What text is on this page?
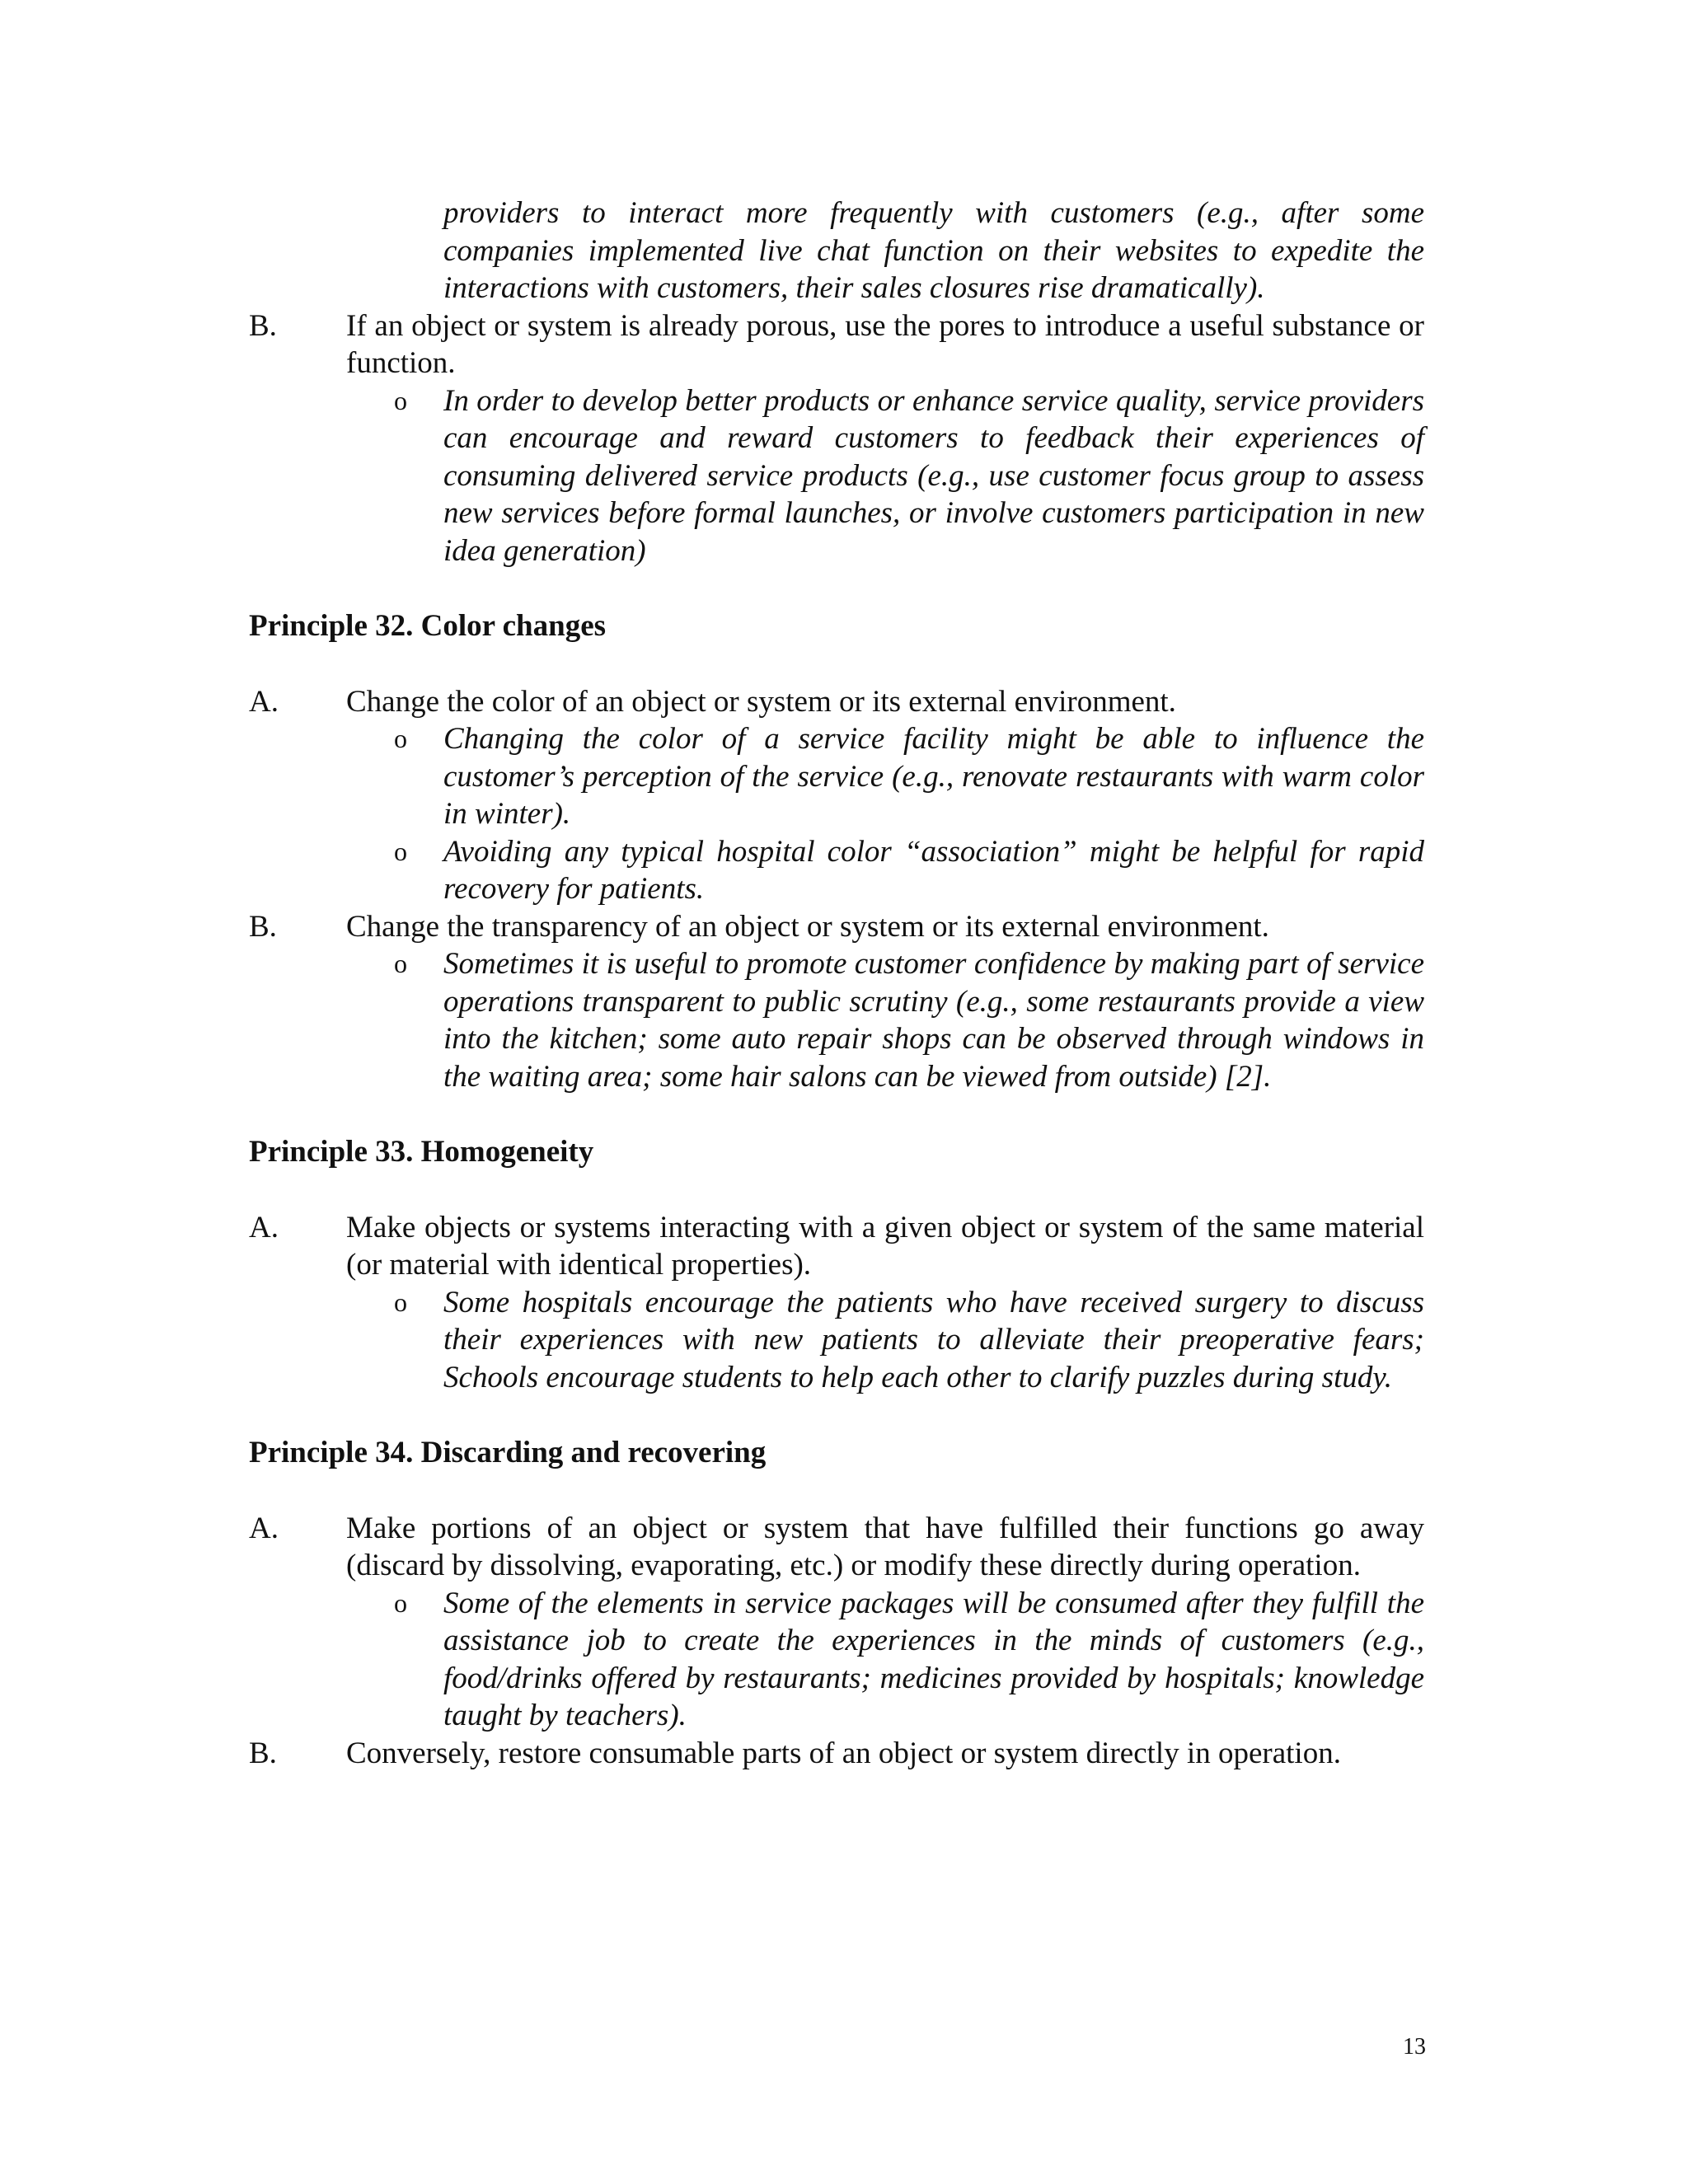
providers to interact more frequently with customers (e.g., after some companies implemented live chat function on their websites to expedite the interactions with customers, their sales closures rise dramatically).
B.	If an object or system is already porous, use the pores to introduce a useful substance or function.
o In order to develop better products or enhance service quality, service providers can encourage and reward customers to feedback their experiences of consuming delivered service products (e.g., use customer focus group to assess new services before formal launches, or involve customers participation in new idea generation)
Principle 32. Color changes
A.	Change the color of an object or system or its external environment.
o Changing the color of a service facility might be able to influence the customer’s perception of the service (e.g., renovate restaurants with warm color in winter).
o Avoiding any typical hospital color “association” might be helpful for rapid recovery for patients.
B.	Change the transparency of an object or system or its external environment.
o Sometimes it is useful to promote customer confidence by making part of service operations transparent to public scrutiny (e.g., some restaurants provide a view into the kitchen; some auto repair shops can be observed through windows in the waiting area; some hair salons can be viewed from outside) [2].
Principle 33. Homogeneity
A.	Make objects or systems interacting with a given object or system of the same material (or material with identical properties).
o Some hospitals encourage the patients who have received surgery to discuss their experiences with new patients to alleviate their preoperative fears; Schools encourage students to help each other to clarify puzzles during study.
Principle 34. Discarding and recovering
A.	Make portions of an object or system that have fulfilled their functions go away (discard by dissolving, evaporating, etc.) or modify these directly during operation.
o Some of the elements in service packages will be consumed after they fulfill the assistance job to create the experiences in the minds of customers (e.g., food/drinks offered by restaurants; medicines provided by hospitals; knowledge taught by teachers).
B.	Conversely, restore consumable parts of an object or system directly in operation.
13
